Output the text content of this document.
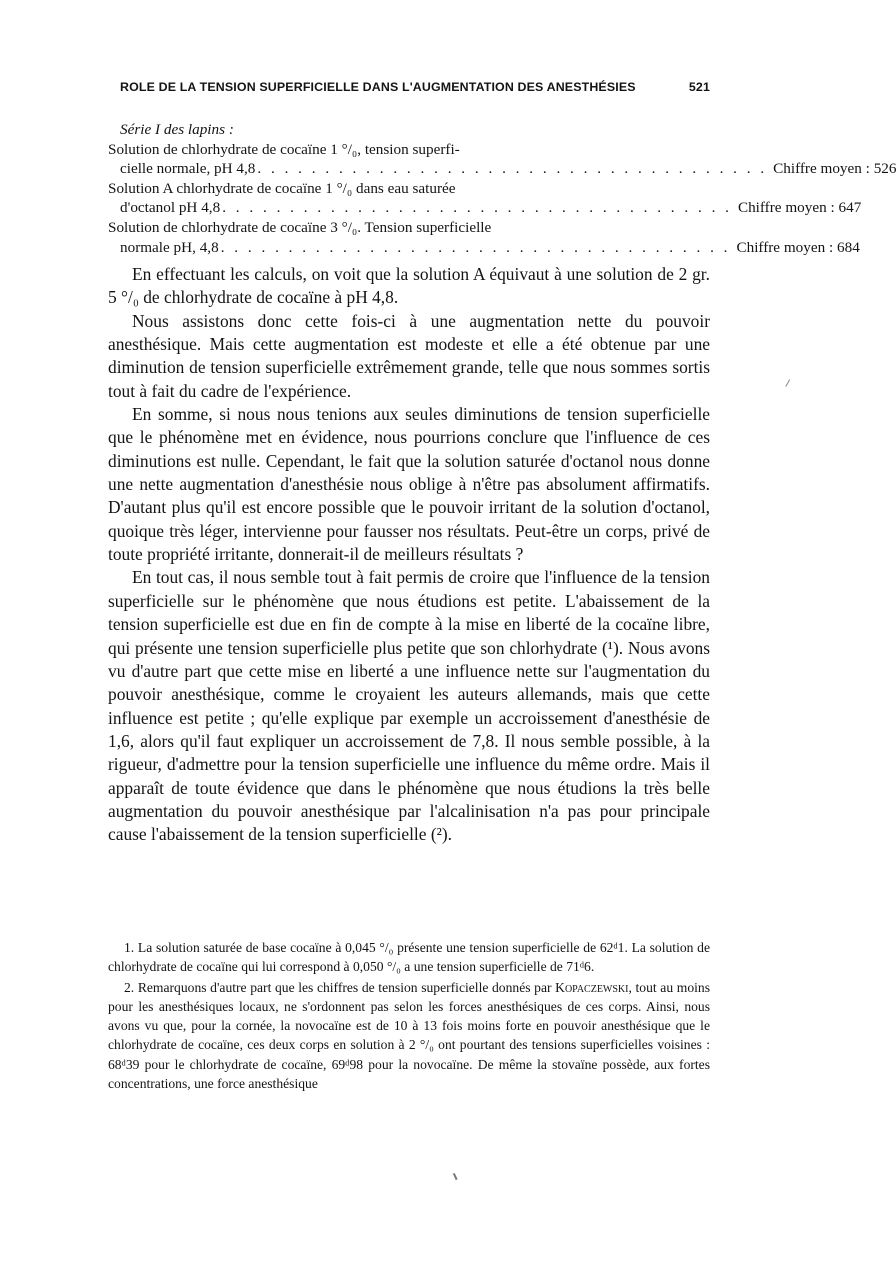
ROLE DE LA TENSION SUPERFICIELLE DANS L'AUGMENTATION DES ANESTHÉSIES	521
Série I des lapins :
Solution de chlorhydrate de cocaïne 1 °/₀, tension superfi-
cielle normale, pH 4,8 . . . . . . . . . . . . . . . . . . . . . . . . . . . . . . . . . . . . . . Chiffre moyen : 526
Solution A chlorhydrate de cocaïne 1 °/₀ dans eau saturée
d'octanol pH 4,8 . . . . . . . . . . . . . . . . . . . . . . . . . . . . . . . . . . . . . . Chiffre moyen : 647
Solution de chlorhydrate de cocaïne 3 °/₀. Tension superficielle
normale pH, 4,8 . . . . . . . . . . . . . . . . . . . . . . . . . . . . . . . . . . . . . . Chiffre moyen : 684

En effectuant les calculs, on voit que la solution A équivaut à une solution de 2 gr. 5 °/₀ de chlorhydrate de cocaïne à pH 4,8.

Nous assistons donc cette fois-ci à une augmentation nette du pouvoir anesthésique. Mais cette augmentation est modeste et elle a été obtenue par une diminution de tension superficielle extrêmement grande, telle que nous sommes sortis tout à fait du cadre de l'expérience.

En somme, si nous nous tenions aux seules diminutions de tension superficielle que le phénomène met en évidence, nous pourrions conclure que l'influence de ces diminutions est nulle. Cependant, le fait que la solution saturée d'octanol nous donne une nette augmentation d'anesthésie nous oblige à n'être pas absolument affirmatifs. D'autant plus qu'il est encore possible que le pouvoir irritant de la solution d'octanol, quoique très léger, intervienne pour fausser nos résultats. Peut-être un corps, privé de toute propriété irritante, donnerait-il de meilleurs résultats ?

En tout cas, il nous semble tout à fait permis de croire que l'influence de la tension superficielle sur le phénomène que nous étudions est petite. L'abaissement de la tension superficielle est due en fin de compte à la mise en liberté de la cocaïne libre, qui présente une tension superficielle plus petite que son chlorhydrate (¹). Nous avons vu d'autre part que cette mise en liberté a une influence nette sur l'augmentation du pouvoir anesthésique, comme le croyaient les auteurs allemands, mais que cette influence est petite ; qu'elle explique par exemple un accroissement d'anesthésie de 1,6, alors qu'il faut expliquer un accroissement de 7,8. Il nous semble possible, à la rigueur, d'admettre pour la tension superficielle une influence du même ordre. Mais il apparaît de toute évidence que dans le phénomène que nous étudions la très belle augmentation du pouvoir anesthésique par l'alcalinisation n'a pas pour principale cause l'abaissement de la tension superficielle (²).

1. La solution saturée de base cocaïne à 0,045 °/₀ présente une tension superficielle de 62ᵈ1. La solution de chlorhydrate de cocaïne qui lui correspond à 0,050 °/₀ a une tension superficielle de 71ᵈ6.

2. Remarquons d'autre part que les chiffres de tension superficielle donnés par Kopaczewski, tout au moins pour les anesthésiques locaux, ne s'ordonnent pas selon les forces anesthésiques de ces corps. Ainsi, nous avons vu que, pour la cornée, la novocaïne est de 10 à 13 fois moins forte en pouvoir anesthésique que le chlorhydrate de cocaïne, ces deux corps en solution à 2 °/₀ ont pourtant des tensions superficielles voisines : 68ᵈ39 pour le chlorhydrate de cocaïne, 69ᵈ98 pour la novocaïne. De même la stovaïne possède, aux fortes concentrations, une force anesthésique
